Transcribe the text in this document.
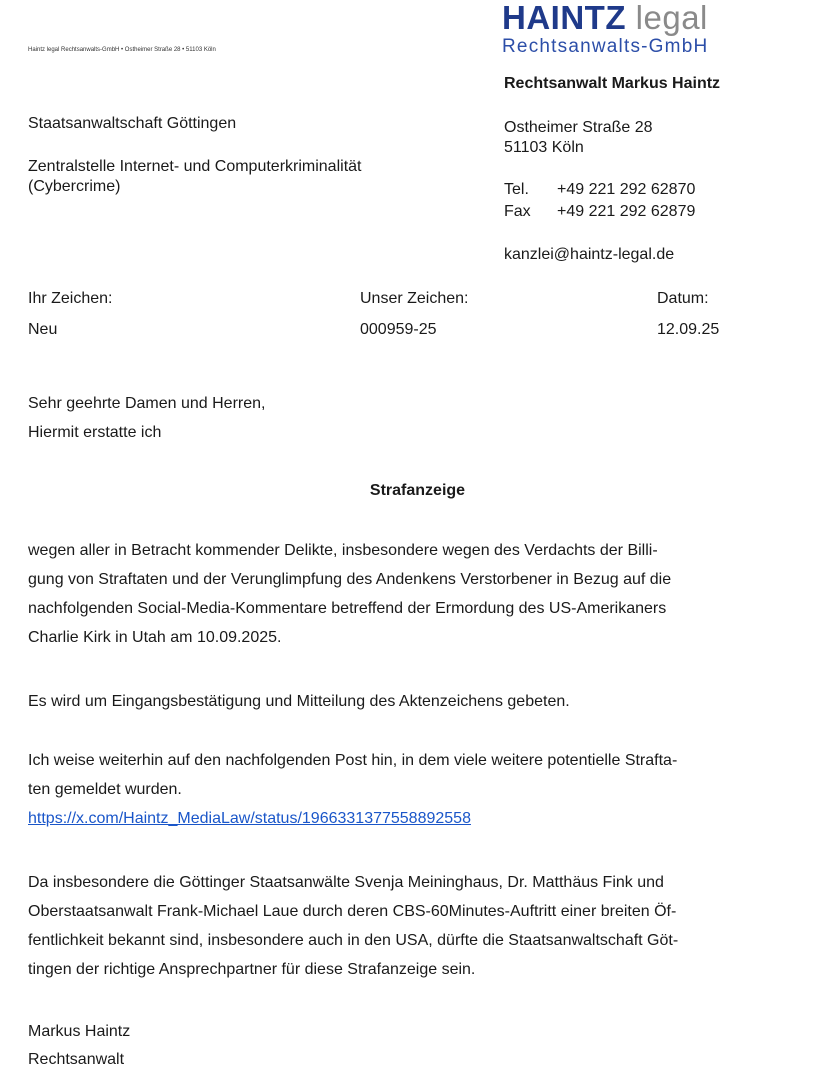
HAINTZ legal
Rechtsanwalts-GmbH
Haintz legal Rechtsanwalts-GmbH • Ostheimer Straße 28 • 51103 Köln
Rechtsanwalt Markus Haintz
Staatsanwaltschaft Göttingen
Zentralstelle Internet- und Computerkriminalität
(Cybercrime)
Ostheimer Straße 28
51103 Köln
Tel. +49 221 292 62870
Fax +49 221 292 62879
kanzlei@haintz-legal.de
Ihr Zeichen:	Unser Zeichen:	Datum:
Neu	000959-25	12.09.25
Sehr geehrte Damen und Herren,
Hiermit erstatte ich
Strafanzeige
wegen aller in Betracht kommender Delikte, insbesondere wegen des Verdachts der Billi-
gung von Straftaten und der Verunglimpfung des Andenkens Verstorbener in Bezug auf die
nachfolgenden Social-Media-Kommentare betreffend der Ermordung des US-Amerikaners
Charlie Kirk in Utah am 10.09.2025.
Es wird um Eingangsbestätigung und Mitteilung des Aktenzeichens gebeten.
Ich weise weiterhin auf den nachfolgenden Post hin, in dem viele weitere potentielle Strafta-
ten gemeldet wurden.
https://x.com/Haintz_MediaLaw/status/1966331377558892558
Da insbesondere die Göttinger Staatsanwälte Svenja Meininghaus, Dr. Matthäus Fink und
Oberstaatsanwalt Frank-Michael Laue durch deren CBS-60Minutes-Auftritt einer breiten Öf-
fentlichkeit bekannt sind, insbesondere auch in den USA, dürfte die Staatsanwaltschaft Göt-
tingen der richtige Ansprechpartner für diese Strafanzeige sein.
Markus Haintz
Rechtsanwalt
